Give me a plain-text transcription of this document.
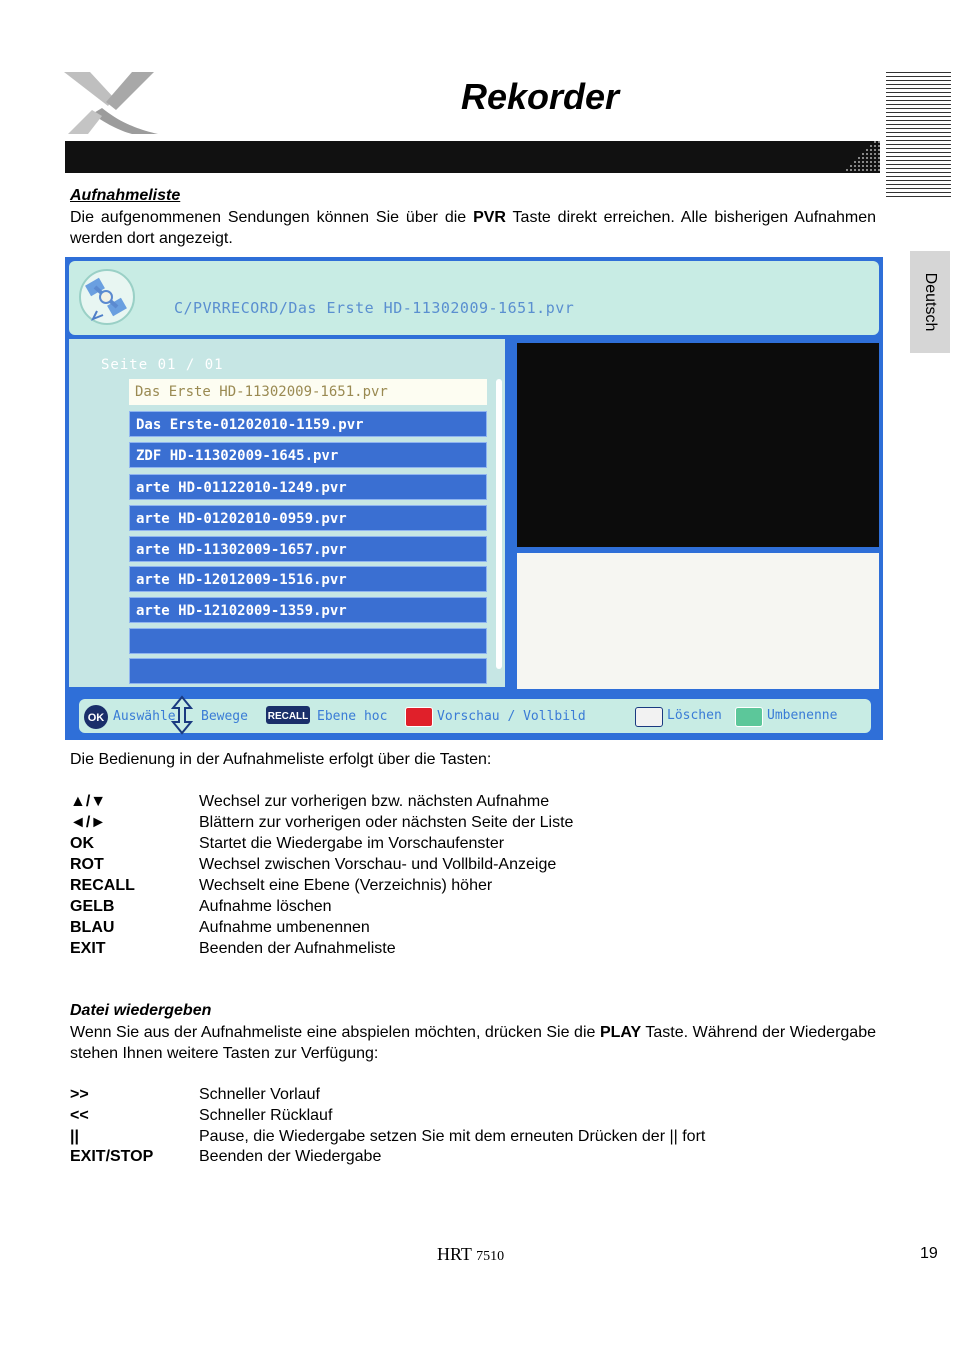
Rekorder
Deutsch
Aufnahmeliste
Die aufgenommenen Sendungen können Sie über die PVR Taste direkt erreichen. Alle bisherigen Aufnahmen werden dort angezeigt.
C/PVRRECORD/Das Erste HD-11302009-1651.pvr
Seite 01 / 01
Das Erste HD-11302009-1651.pvr
Das Erste-01202010-1159.pvr
ZDF HD-11302009-1645.pvr
arte HD-01122010-1249.pvr
arte HD-01202010-0959.pvr
arte HD-11302009-1657.pvr
arte HD-12012009-1516.pvr
arte HD-12102009-1359.pvr
OK Auswähle Bewege RECALL Ebene hoc	Vorschau / Vollbild	Löschen	Umbenenne
Die Bedienung in der Aufnahmeliste erfolgt über die Tasten:
▲/▼	Wechsel zur vorherigen bzw. nächsten Aufnahme
◄/►	Blättern zur vorherigen oder nächsten Seite der Liste
OK	Startet die Wiedergabe im Vorschaufenster
ROT	Wechsel zwischen Vorschau- und Vollbild-Anzeige
RECALL	Wechselt eine Ebene (Verzeichnis) höher
GELB	Aufnahme löschen
BLAU	Aufnahme umbenennen
EXIT	Beenden der Aufnahmeliste
Datei wiedergeben
Wenn Sie aus der Aufnahmeliste eine abspielen möchten, drücken Sie die PLAY Taste. Während der Wiedergabe stehen Ihnen weitere Tasten zur Verfügung:
>>	Schneller Vorlauf
<<	Schneller Rücklauf
||	Pause, die Wiedergabe setzen Sie mit dem erneuten Drücken der || fort
EXIT/STOP	Beenden der Wiedergabe
HRT 7510	19
